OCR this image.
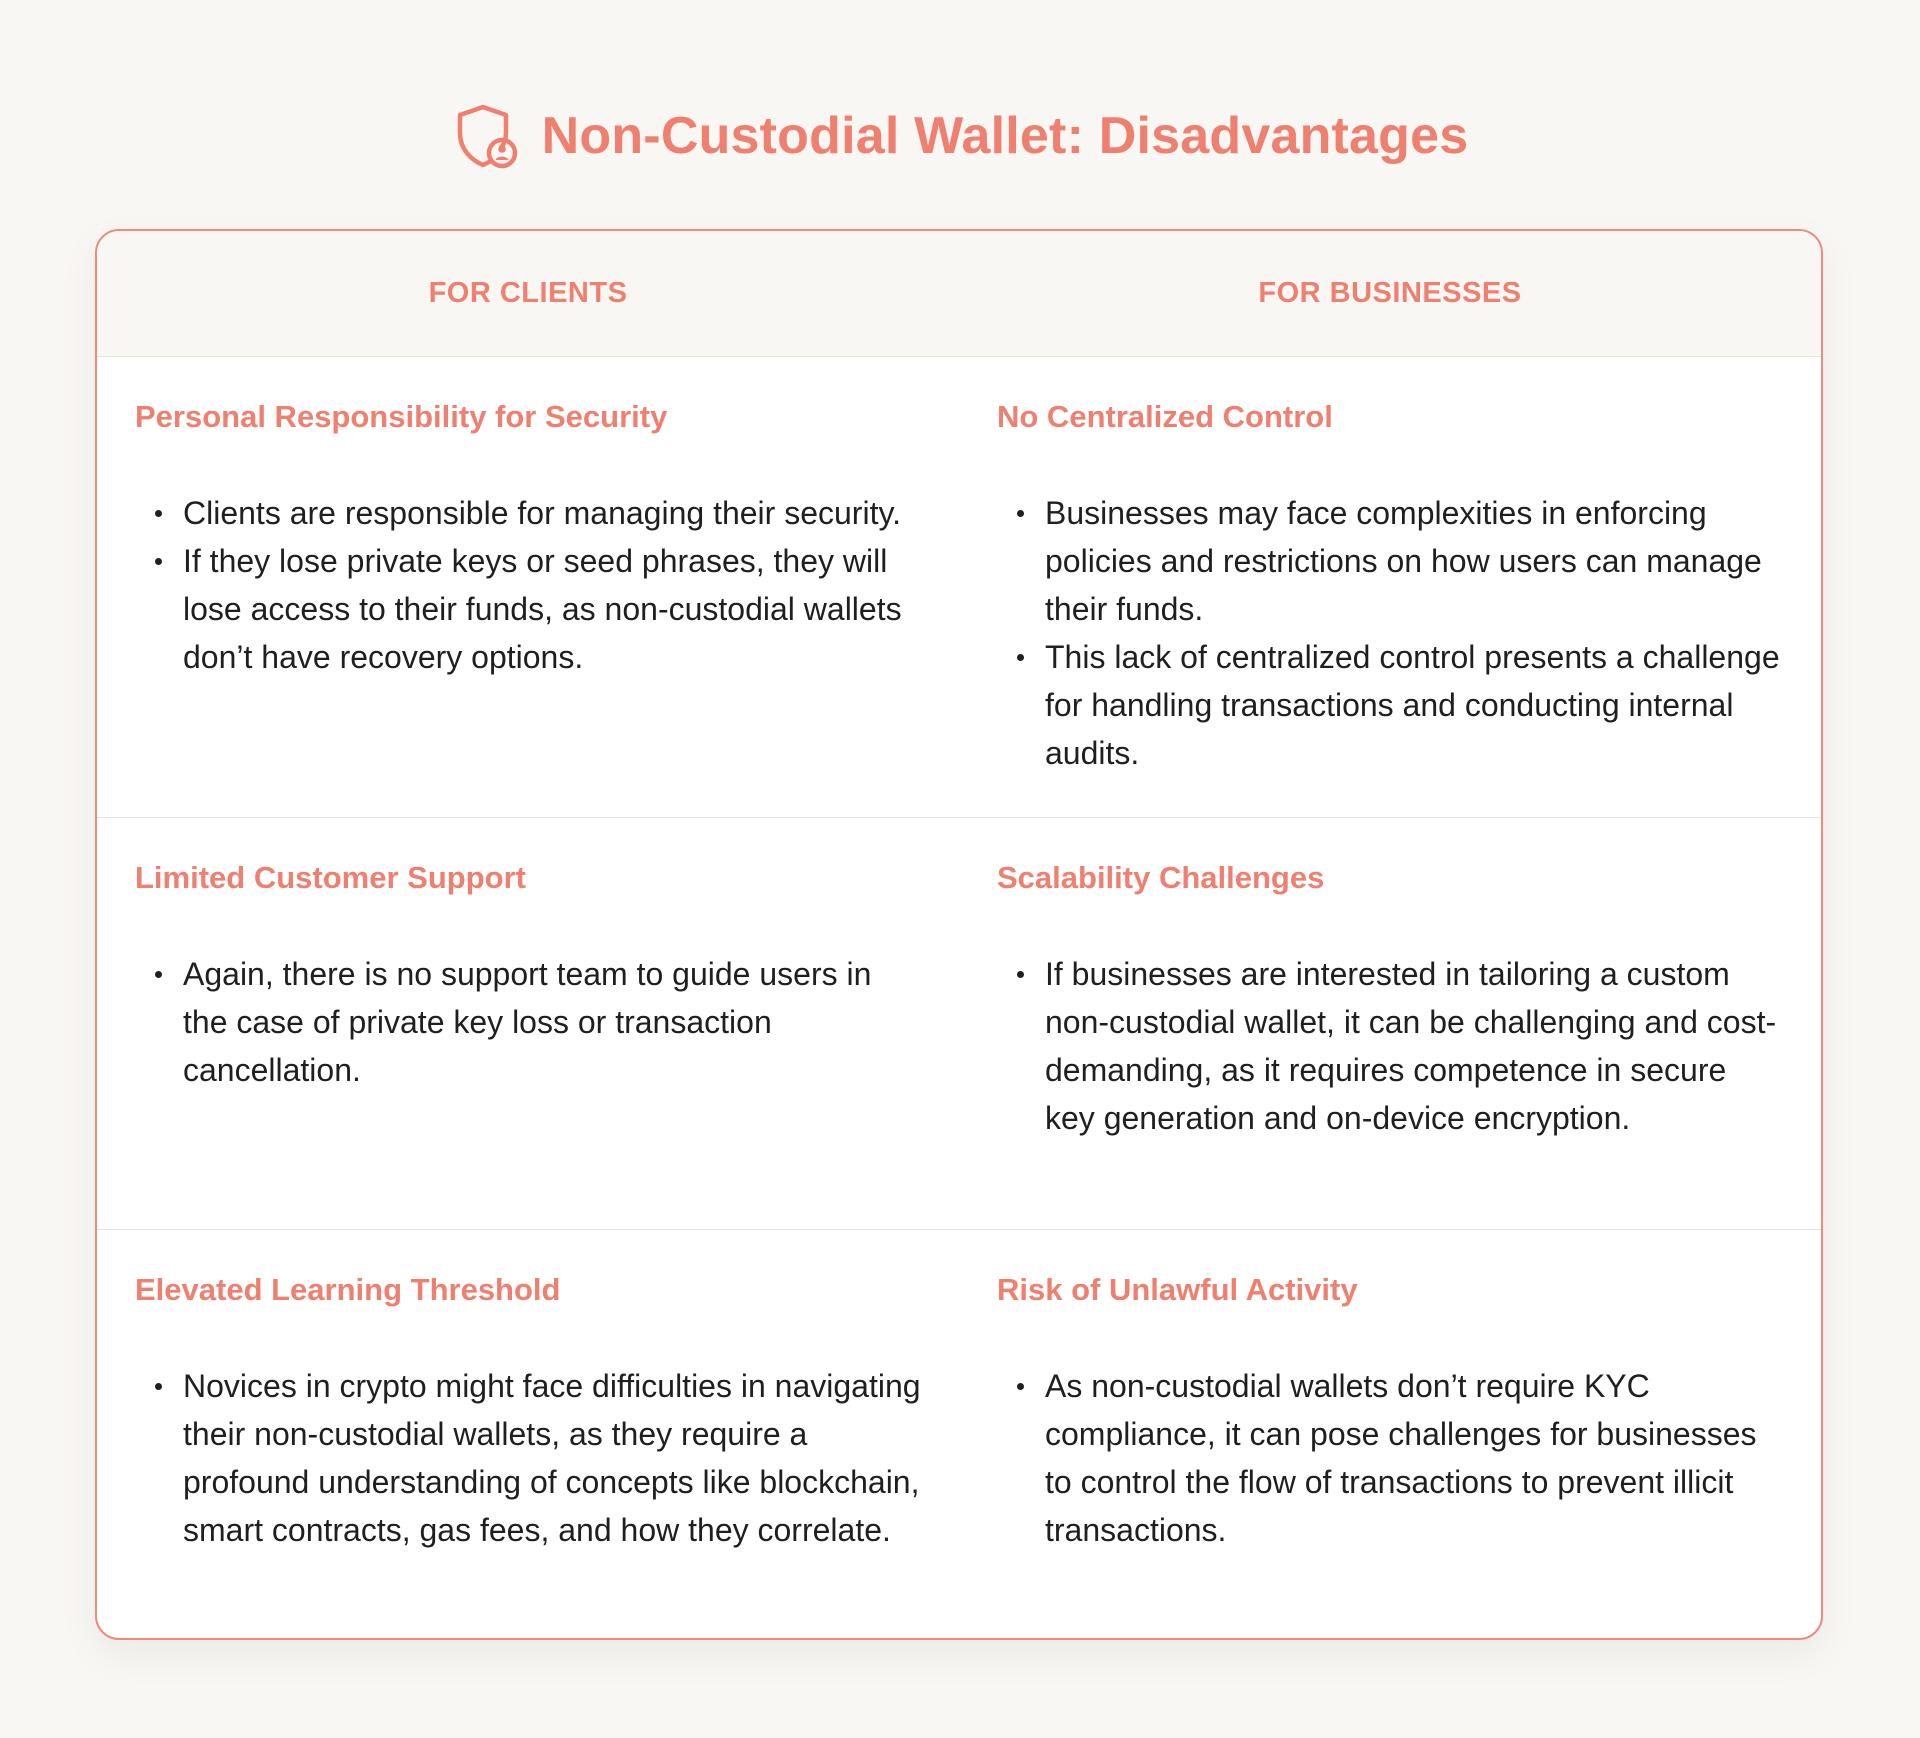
Non-Custodial Wallet: Disadvantages
FOR CLIENTS	FOR BUSINESSES
Personal Responsibility for Security
Clients are responsible for managing their security.
If they lose private keys or seed phrases, they will lose access to their funds, as non-custodial wallets don’t have recovery options.
No Centralized Control
Businesses may face complexities in enforcing policies and restrictions on how users can manage their funds.
This lack of centralized control presents a challenge for handling transactions and conducting internal audits.
Limited Customer Support
Again, there is no support team to guide users in the case of private key loss or transaction cancellation.
Scalability Challenges
If businesses are interested in tailoring a custom non-custodial wallet, it can be challenging and cost-demanding, as it requires competence in secure key generation and on-device encryption.
Elevated Learning Threshold
Novices in crypto might face difficulties in navigating their non-custodial wallets, as they require a profound understanding of concepts like blockchain, smart contracts, gas fees, and how they correlate.
Risk of Unlawful Activity
As non-custodial wallets don’t require KYC compliance, it can pose challenges for businesses to control the flow of transactions to prevent illicit transactions.
